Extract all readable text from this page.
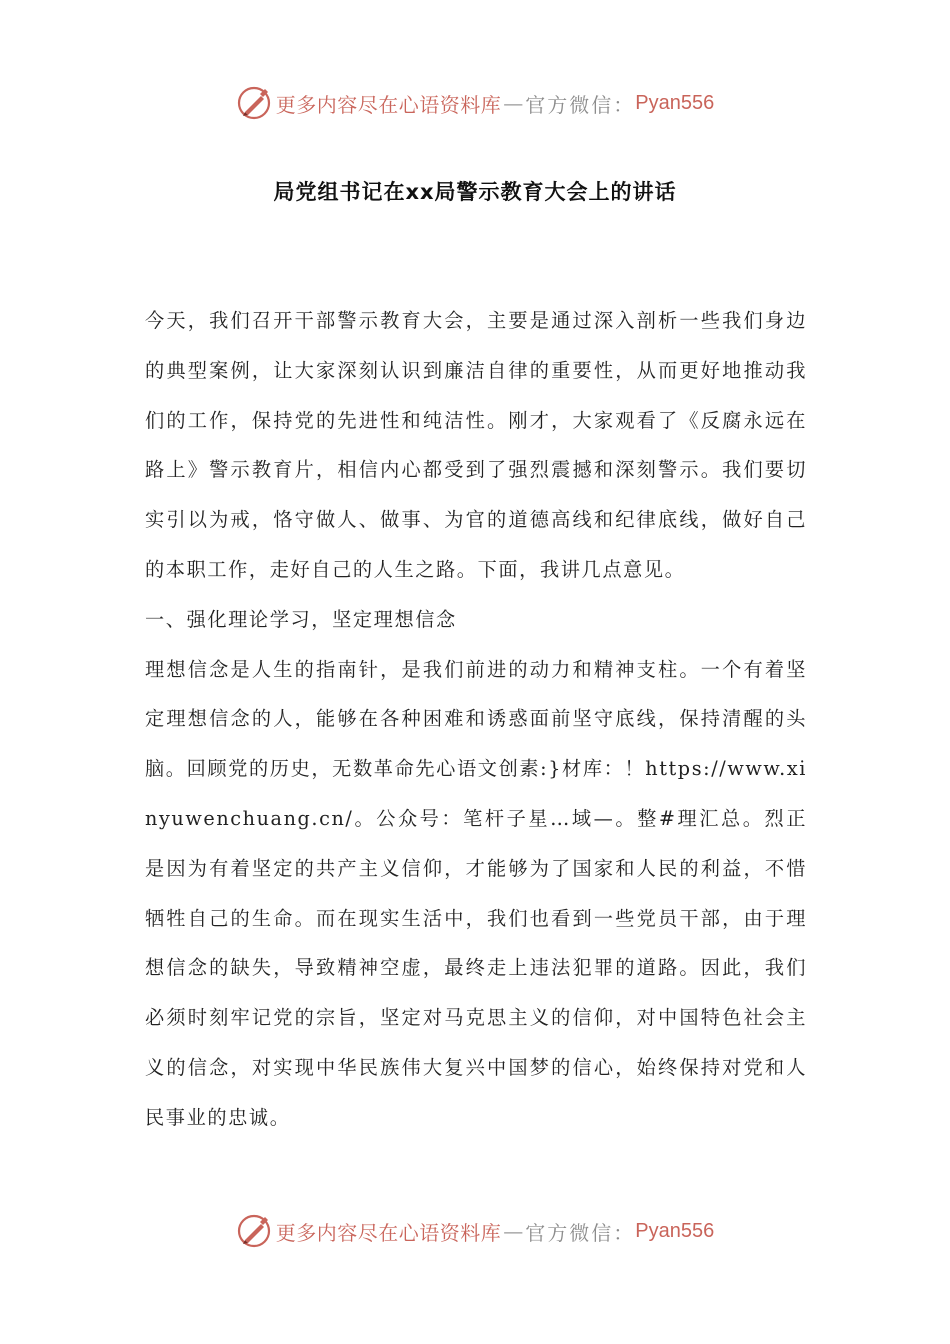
更多内容尽在心语资料库 — 官方微信： Pyan556
局党组书记在xx局警示教育大会上的讲话

今天，我们召开干部警示教育大会，主要是通过深入剖析一些我们身边的典型案例，让大家深刻认识到廉洁自律的重要性，从而更好地推动我们的工作，保持党的先进性和纯洁性。刚才，大家观看了《反腐永远在路上》警示教育片，相信内心都受到了强烈震撼和深刻警示。我们要切实引以为戒，恪守做人、做事、为官的道德高线和纪律底线，做好自己的本职工作，走好自己的人生之路。下面，我讲几点意见。

一、强化理论学习，坚定理想信念

理想信念是人生的指南针，是我们前进的动力和精神支柱。一个有着坚定理想信念的人，能够在各种困难和诱惑面前坚守底线，保持清醒的头脑。回顾党的历史，无数革命先心语文创素:}材库：！https://www.xinyuwenchuang.cn/。公众号：笔杆子星…域—。整#理汇总。烈正是因为有着坚定的共产主义信仰，才能够为了国家和人民的利益，不惜牺牲自己的生命。而在现实生活中，我们也看到一些党员干部，由于理想信念的缺失，导致精神空虚，最终走上违法犯罪的道路。因此，我们必须时刻牢记党的宗旨，坚定对马克思主义的信仰，对中国特色社会主义的信念，对实现中华民族伟大复兴中国梦的信心，始终保持对党和人民事业的忠诚。

更多内容尽在心语资料库 — 官方微信： Pyan556
